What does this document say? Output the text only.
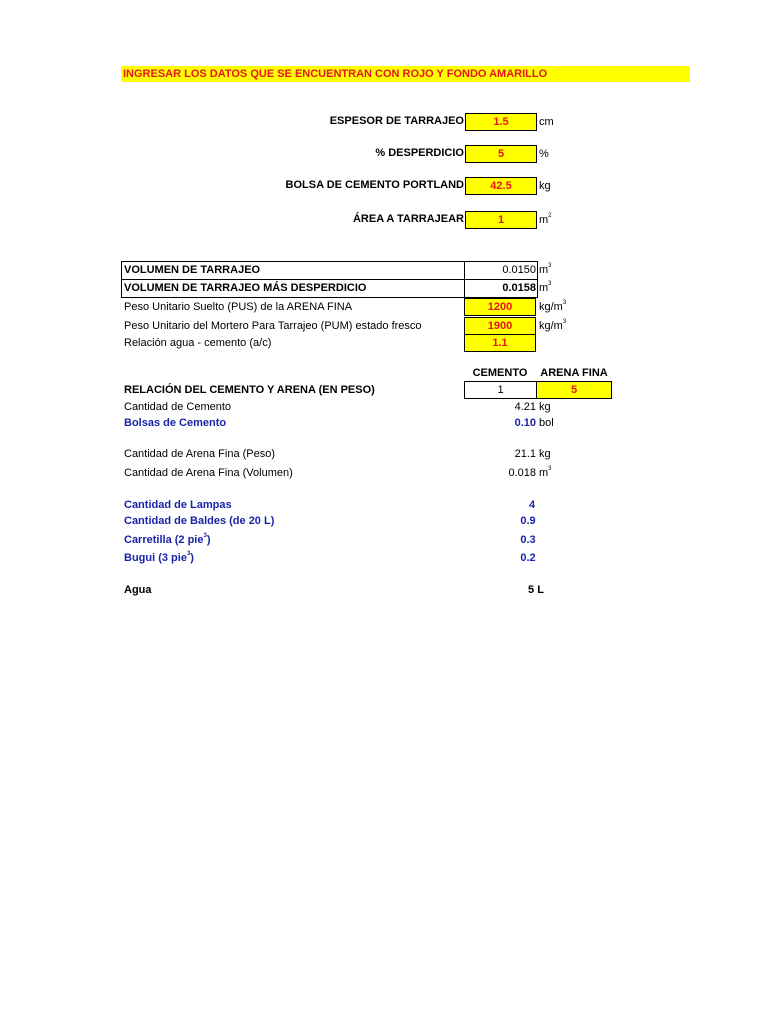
INGRESAR LOS DATOS QUE SE ENCUENTRAN CON ROJO Y FONDO AMARILLO
ESPESOR DE TARRAJEO	1.5	cm
% DESPERDICIO	5	%
BOLSA DE CEMENTO PORTLAND	42.5	kg
ÁREA A TARRAJEAR	1	$m^2$
VOLUMEN DE TARRAJEO	0.0150 $m^3$
VOLUMEN DE TARRAJEO MÁS DESPERDICIO	0.0158 $m^3$
Peso Unitario Suelto (PUS) de la ARENA FINA	1200	$kg/m^3$
Peso Unitario del Mortero Para Tarrajeo (PUM) estado fresco	1900	$kg/m^3$
Relación agua - cemento (a/c)	1.1
CEMENTO	ARENA FINA
RELACIÓN DEL CEMENTO Y ARENA (EN PESO)	1	5
Cantidad de Cemento	4.21 kg
Bolsas de Cemento	0.10 bol
Cantidad de Arena Fina (Peso)	21.1 kg
Cantidad de Arena Fina (Volumen)	0.018 $m^3$
Cantidad de Lampas	4
Cantidad de Baldes (de 20 L)	0.9
Carretilla (2 pie$^3$)	0.3
Bugui (3 pie$^3$)	0.2
Agua	5 L
